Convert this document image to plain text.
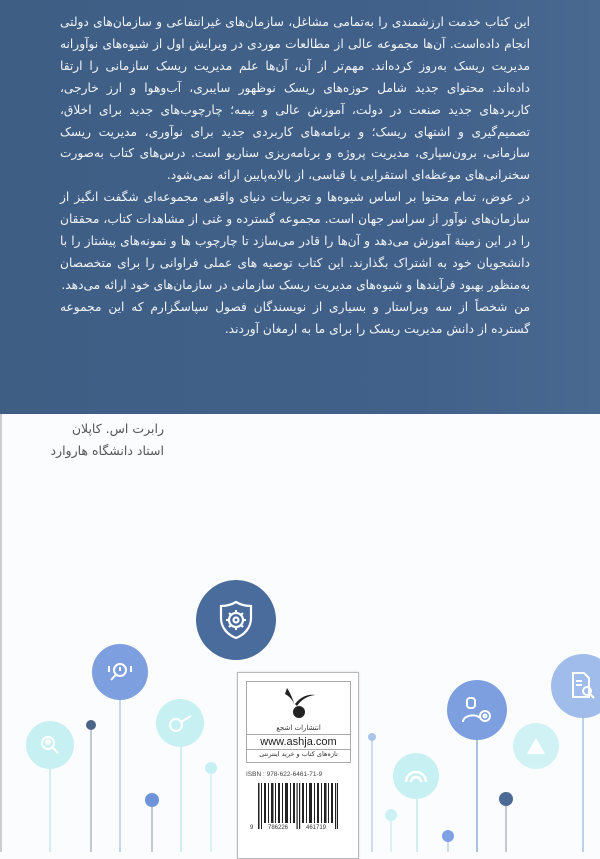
این کتاب خدمت ارزشمندی را به‌تمامی مشاغل، سازمان‌های غیرانتفاعی و سازمان‌های دولتی انجام داده‌است. آن‌ها مجموعه عالی از مطالعات موردی در ویرایش اول از شیوه‌های نوآورانه مدیریت ریسک به‌روز کرده‌اند. مهم‌تر از آن، آن‌ها علم مدیریت ریسک سازمانی را ارتقا داده‌اند. محتوای جدید شامل حوزه‌های ریسک نوظهور سایبری، آب‌وهوا و ارز خارجی، کاربردهای جدید صنعت در دولت، آموزش عالی و بیمه؛ چارچوب‌های جدید برای اخلاق، تصمیم‌گیری و اشتهای ریسک؛ و برنامه‌های کاربردی جدید برای نوآوری، مدیریت ریسک سازمانی، برون‌سپاری، مدیریت پروژه و برنامه‌ریزی سناریو است. درس‌های کتاب به‌صورت سخنرانی‌های موعظه‌ای استقرایی یا قیاسی، از بالابه‌پایین ارائه نمی‌شود.

در عوض، تمام محتوا بر اساس شیوه‌ها و تجربیات دنیای واقعی مجموعه‌ای شگفت انگیز از سازمان‌های نوآور از سراسر جهان است. مجموعه گسترده و غنی از مشاهدات کتاب، محققان را در این زمینة آموزش می‌دهد و آن‌ها را قادر می‌سازد تا چارچوب ها و نمونه‌های پیشتاز را با دانشجویان خود به اشتراک بگذارند. این کتاب توصیه های عملی فراوانی را برای متخصصان به‌منظور بهبود فرآیندها و شیوه‌های مدیریت ریسک سازمانی در سازمان‌های خود ارائه می‌دهد.

من شخصاً از سه ویراستار و بسیاری از نویسندگان فصول سپاسگزارم که این مجموعه گسترده از دانش مدیریت ریسک را برای ما به ارمغان آوردند.

رابرت اس. کاپلان
استاد دانشگاه هاروارد
انتشارات اشجع
www.ashja.com
تازه‌های کتاب و خرید اینترنتی
ISBN : 978-622-6461-71-9
9 786226	461719
